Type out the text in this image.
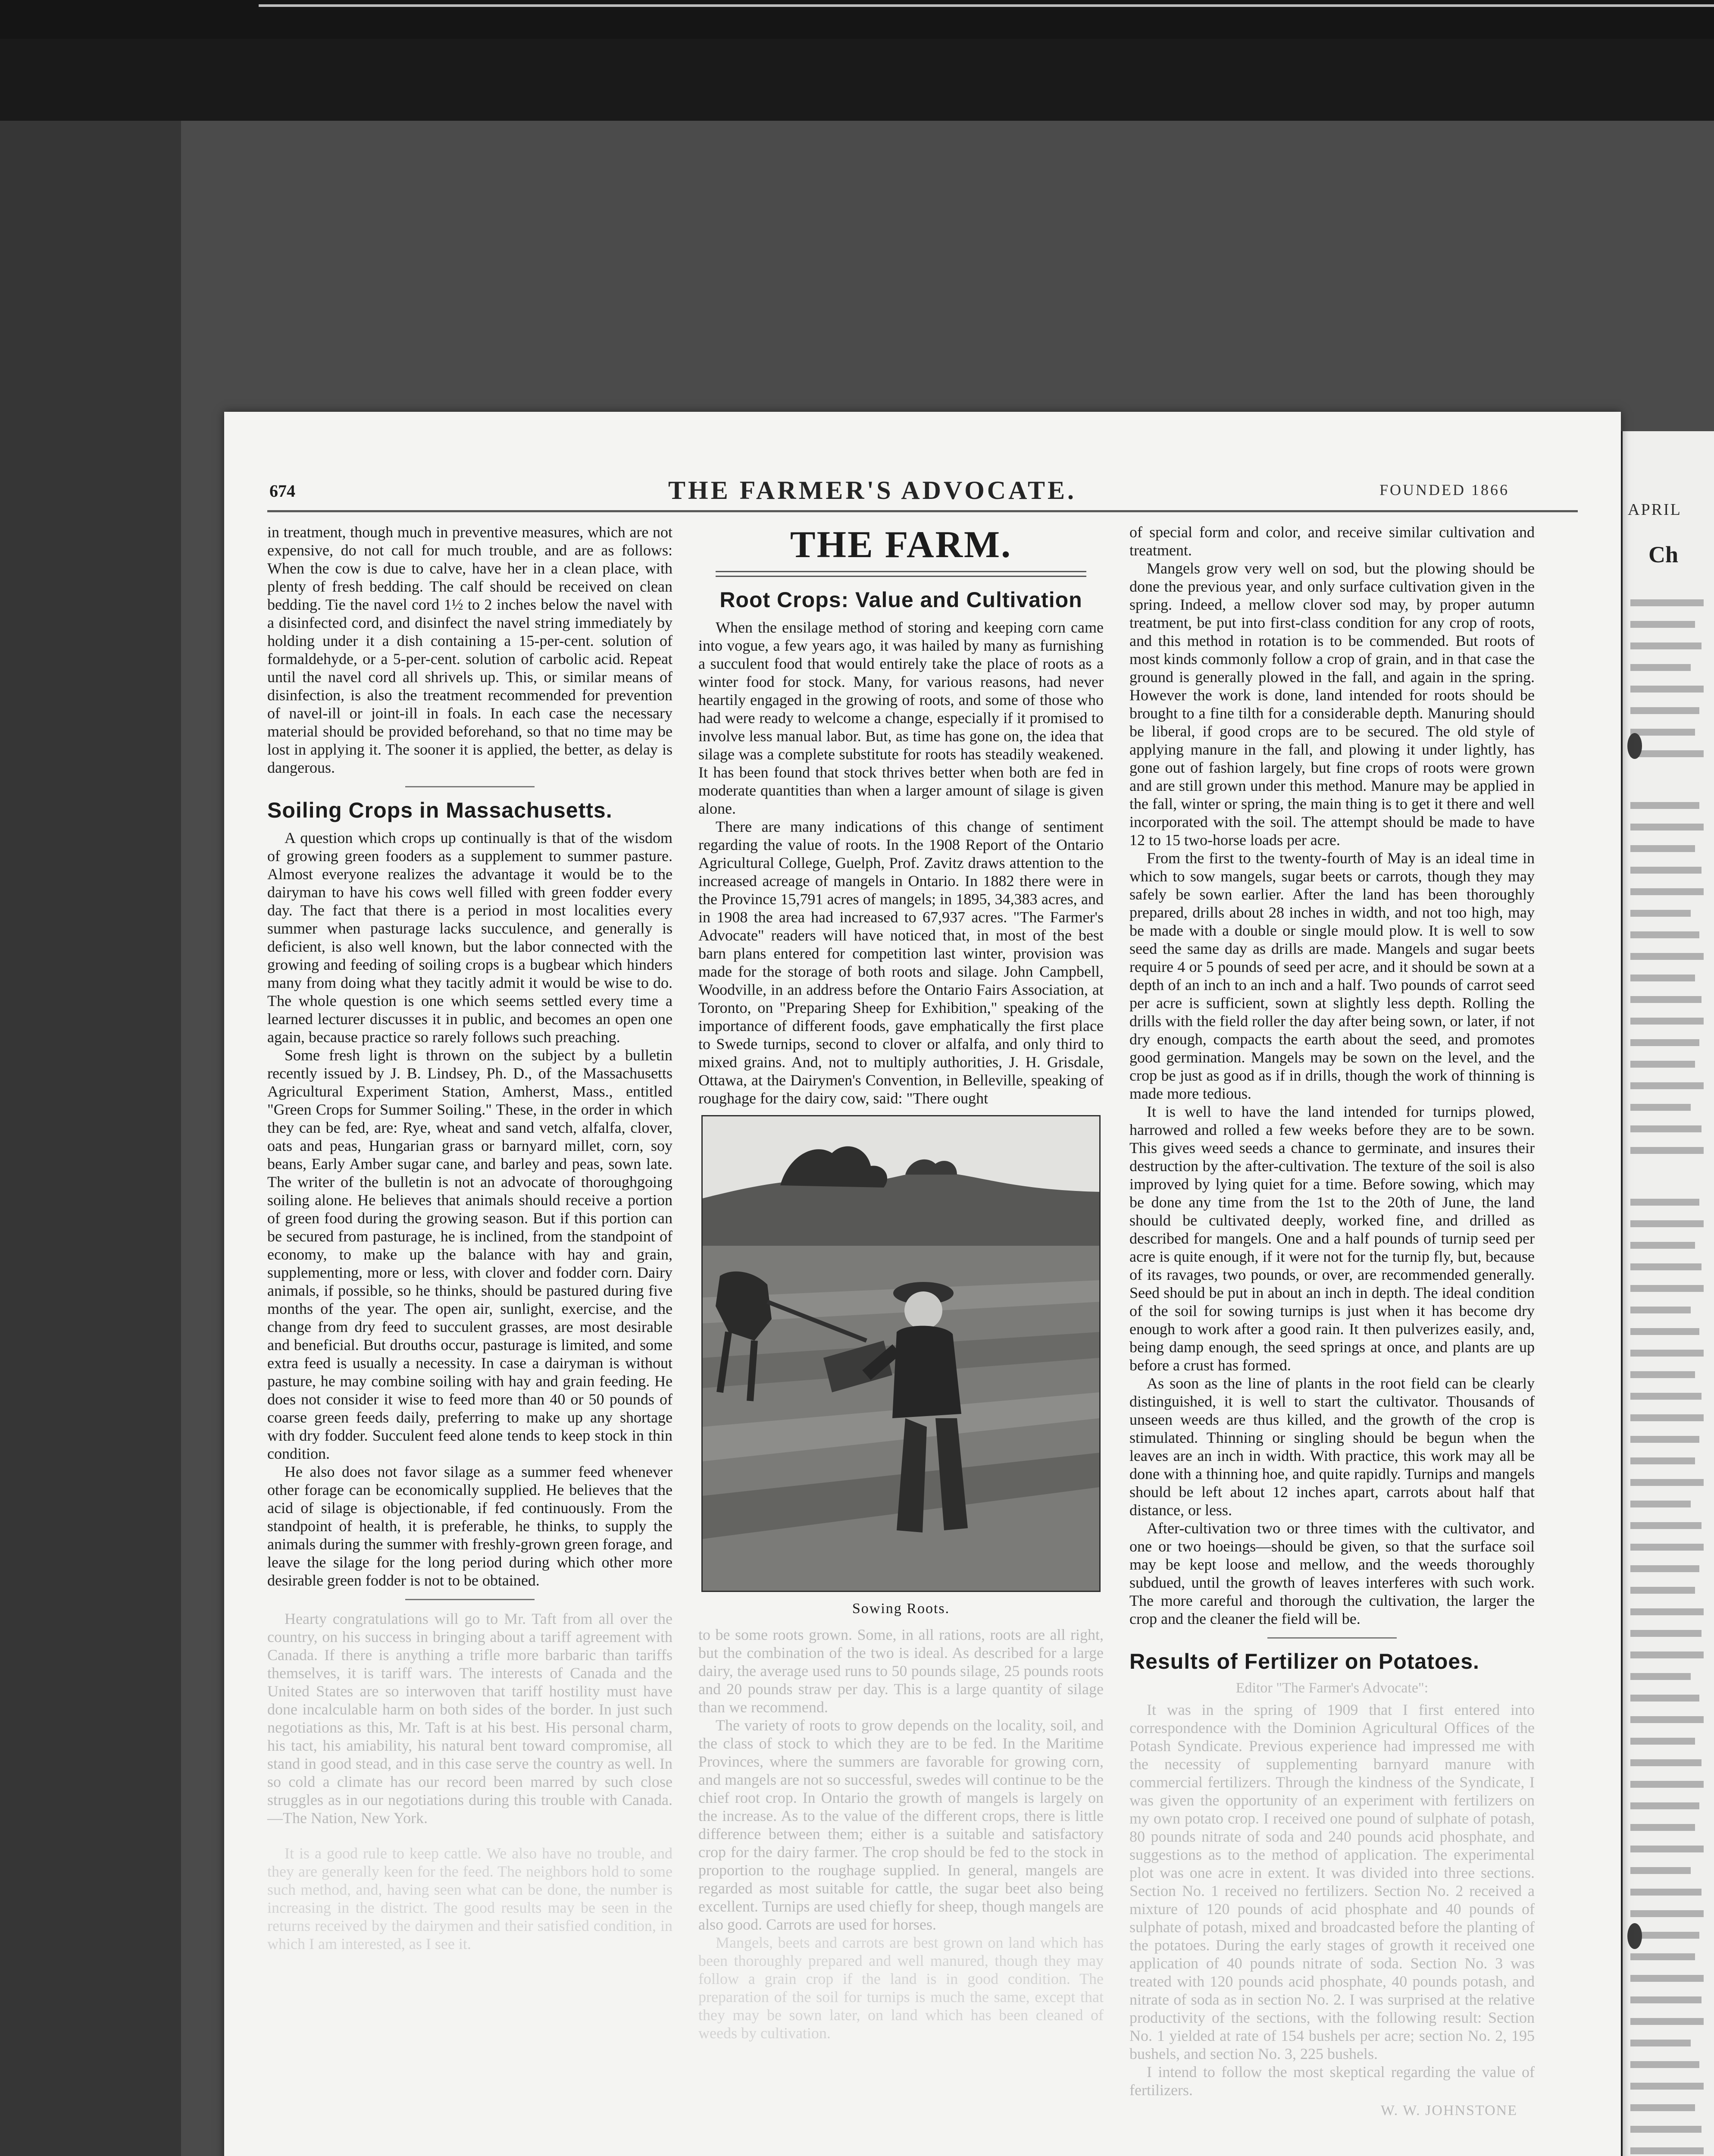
APRIL
Ch
674	THE FARMER'S ADVOCATE.	FOUNDED 1866

in treatment, though much in preventive measures, which are not expensive, do not call for much trouble, and are as follows: When the cow is due to calve, have her in a clean place, with plenty of fresh bedding. The calf should be received on clean bedding. Tie the navel cord 1½ to 2 inches below the navel with a disinfected cord, and disinfect the navel string immediately by holding under it a dish containing a 15-per-cent. solution of formaldehyde, or a 5-per-cent. solution of carbolic acid. Repeat until the navel cord all shrivels up. This, or similar means of disinfection, is also the treatment recommended for prevention of navel-ill or joint-ill in foals. In each case the necessary material should be provided beforehand, so that no time may be lost in applying it. The sooner it is applied, the better, as delay is dangerous.

Soiling Crops in Massachusetts.

A question which crops up continually is that of the wisdom of growing green fooders as a supplement to summer pasture. Almost everyone realizes the advantage it would be to the dairyman to have his cows well filled with green fodder every day. The fact that there is a period in most localities every summer when pasturage lacks succulence, and generally is deficient, is also well known, but the labor connected with the growing and feeding of soiling crops is a bugbear which hinders many from doing what they tacitly admit it would be wise to do. The whole question is one which seems settled every time a learned lecturer discusses it in public, and becomes an open one again, because practice so rarely follows such preaching.

Some fresh light is thrown on the subject by a bulletin recently issued by J. B. Lindsey, Ph. D., of the Massachusetts Agricultural Experiment Station, Amherst, Mass., entitled "Green Crops for Summer Soiling." These, in the order in which they can be fed, are: Rye, wheat and sand vetch, alfalfa, clover, oats and peas, Hungarian grass or barnyard millet, corn, soy beans, Early Amber sugar cane, and barley and peas, sown late. The writer of the bulletin is not an advocate of thoroughgoing soiling alone. He believes that animals should receive a portion of green food during the growing season. But if this portion can be secured from pasturage, he is inclined, from the standpoint of economy, to make up the balance with hay and grain, supplementing, more or less, with clover and fodder corn. Dairy animals, if possible, so he thinks, should be pastured during five months of the year. The open air, sunlight, exercise, and the change from dry feed to succulent grasses, are most desirable and beneficial. But drouths occur, pasturage is limited, and some extra feed is usually a necessity. In case a dairyman is without pasture, he may combine soiling with hay and grain feeding. He does not consider it wise to feed more than 40 or 50 pounds of coarse green feeds daily, preferring to make up any shortage with dry fodder. Succulent feed alone tends to keep stock in thin condition.

He also does not favor silage as a summer feed whenever other forage can be economically supplied. He believes that the acid of silage is objectionable, if fed continuously. From the standpoint of health, it is preferable, he thinks, to supply the animals during the summer with freshly-grown green forage, and leave the silage for the long period during which other more desirable green fodder is not to be obtained.

Hearty congratulations will go to Mr. Taft from all over the country, on his success in bringing about a tariff agreement with Canada. If there is anything a trifle more barbaric than tariffs themselves, it is tariff wars. The interests of Canada and the United States are so interwoven that tariff hostility must have done incalculable harm on both sides of the border. In just such negotiations as this, Mr. Taft is at his best. His personal charm, his tact, his amiability, his natural bent toward compromise, all stand in good stead, and in this case serve the country as well. In so cold a climate has our record been marred by such close struggles as in our negotiations during this trouble with Canada.—The Nation, New York.

It is a good rule to keep cattle. We also have no trouble, and they are generally keen for the feed. The neighbors hold to some such method, and, having seen what can be done, the number is increasing in the district. The good results may be seen in the returns received by the dairymen and their satisfied condition, in which I am interested, as I see it.

THE FARM.
Root Crops: Value and Cultivation

When the ensilage method of storing and keeping corn came into vogue, a few years ago, it was hailed by many as furnishing a succulent food that would entirely take the place of roots as a winter food for stock. Many, for various reasons, had never heartily engaged in the growing of roots, and some of those who had were ready to welcome a change, especially if it promised to involve less manual labor. But, as time has gone on, the idea that silage was a complete substitute for roots has steadily weakened. It has been found that stock thrives better when both are fed in moderate quantities than when a larger amount of silage is given alone.

There are many indications of this change of sentiment regarding the value of roots. In the 1908 Report of the Ontario Agricultural College, Guelph, Prof. Zavitz draws attention to the increased acreage of mangels in Ontario. In 1882 there were in the Province 15,791 acres of mangels; in 1895, 34,383 acres, and in 1908 the area had increased to 67,937 acres. "The Farmer's Advocate" readers will have noticed that, in most of the best barn plans entered for competition last winter, provision was made for the storage of both roots and silage. John Campbell, Woodville, in an address before the Ontario Fairs Association, at Toronto, on "Preparing Sheep for Exhibition," speaking of the importance of different foods, gave emphatically the first place to Swede turnips, second to clover or alfalfa, and only third to mixed grains. And, not to multiply authorities, J. H. Grisdale, Ottawa, at the Dairymen's Convention, in Belleville, speaking of roughage for the dairy cow, said: "There ought

Sowing Roots.

to be some roots grown. Some, in all rations, roots are all right, but the combination of the two is ideal. As described for a large dairy, the average used runs to 50 pounds silage, 25 pounds roots and 20 pounds straw per day. This is a large quantity of silage than we recommend.

The variety of roots to grow depends on the locality, soil, and the class of stock to which they are to be fed. In the Maritime Provinces, where the summers are favorable for growing corn, and mangels are not so successful, swedes will continue to be the chief root crop. In Ontario the growth of mangels is largely on the increase. As to the value of the different crops, there is little difference between them; either is a suitable and satisfactory crop for the dairy farmer. The crop should be fed to the stock in proportion to the roughage supplied. In general, mangels are regarded as most suitable for cattle, the sugar beet also being excellent. Turnips are used chiefly for sheep, though mangels are also good. Carrots are used for horses.

Mangels, beets and carrots are best grown on land which has been thoroughly prepared and well manured, though they may follow a grain crop if the land is in good condition. The preparation of the soil for turnips is much the same, except that they may be sown later, on land which has been cleaned of weeds by cultivation.

of special form and color, and receive similar cultivation and treatment.

Mangels grow very well on sod, but the plowing should be done the previous year, and only surface cultivation given in the spring. Indeed, a mellow clover sod may, by proper autumn treatment, be put into first-class condition for any crop of roots, and this method in rotation is to be commended. But roots of most kinds commonly follow a crop of grain, and in that case the ground is generally plowed in the fall, and again in the spring. However the work is done, land intended for roots should be brought to a fine tilth for a considerable depth. Manuring should be liberal, if good crops are to be secured. The old style of applying manure in the fall, and plowing it under lightly, has gone out of fashion largely, but fine crops of roots were grown and are still grown under this method. Manure may be applied in the fall, winter or spring, the main thing is to get it there and well incorporated with the soil. The attempt should be made to have 12 to 15 two-horse loads per acre.

From the first to the twenty-fourth of May is an ideal time in which to sow mangels, sugar beets or carrots, though they may safely be sown earlier. After the land has been thoroughly prepared, drills about 28 inches in width, and not too high, may be made with a double or single mould plow. It is well to sow seed the same day as drills are made. Mangels and sugar beets require 4 or 5 pounds of seed per acre, and it should be sown at a depth of an inch to an inch and a half. Two pounds of carrot seed per acre is sufficient, sown at slightly less depth. Rolling the drills with the field roller the day after being sown, or later, if not dry enough, compacts the earth about the seed, and promotes good germination. Mangels may be sown on the level, and the crop be just as good as if in drills, though the work of thinning is made more tedious.

It is well to have the land intended for turnips plowed, harrowed and rolled a few weeks before they are to be sown. This gives weed seeds a chance to germinate, and insures their destruction by the after-cultivation. The texture of the soil is also improved by lying quiet for a time. Before sowing, which may be done any time from the 1st to the 20th of June, the land should be cultivated deeply, worked fine, and drilled as described for mangels. One and a half pounds of turnip seed per acre is quite enough, if it were not for the turnip fly, but, because of its ravages, two pounds, or over, are recommended generally. Seed should be put in about an inch in depth. The ideal condition of the soil for sowing turnips is just when it has become dry enough to work after a good rain. It then pulverizes easily, and, being damp enough, the seed springs at once, and plants are up before a crust has formed.

As soon as the line of plants in the root field can be clearly distinguished, it is well to start the cultivator. Thousands of unseen weeds are thus killed, and the growth of the crop is stimulated. Thinning or singling should be begun when the leaves are an inch in width. With practice, this work may all be done with a thinning hoe, and quite rapidly. Turnips and mangels should be left about 12 inches apart, carrots about half that distance, or less.

After-cultivation two or three times with the cultivator, and one or two hoeings—should be given, so that the surface soil may be kept loose and mellow, and the weeds thoroughly subdued, until the growth of leaves interferes with such work. The more careful and thorough the cultivation, the larger the crop and the cleaner the field will be.

Results of Fertilizer on Potatoes.
Editor "The Farmer's Advocate":

It was in the spring of 1909 that I first entered into correspondence with the Dominion Agricultural Offices of the Potash Syndicate. Previous experience had impressed me with the necessity of supplementing barnyard manure with commercial fertilizers. Through the kindness of the Syndicate, I was given the opportunity of an experiment with fertilizers on my own potato crop. I received one pound of sulphate of potash, 80 pounds nitrate of soda and 240 pounds acid phosphate, and suggestions as to the method of application. The experimental plot was one acre in extent. It was divided into three sections. Section No. 1 received no fertilizers. Section No. 2 received a mixture of 120 pounds of acid phosphate and 40 pounds of sulphate of potash, mixed and broadcasted before the planting of the potatoes. During the early stages of growth it received one application of 40 pounds nitrate of soda. Section No. 3 was treated with 120 pounds acid phosphate, 40 pounds potash, and nitrate of soda as in section No. 2. I was surprised at the relative productivity of the sections, with the following result: Section No. 1 yielded at rate of 154 bushels per acre; section No. 2, 195 bushels, and section No. 3, 225 bushels.

I intend to follow the most skeptical regarding the value of fertilizers.

W. W. JOHNSTONE
